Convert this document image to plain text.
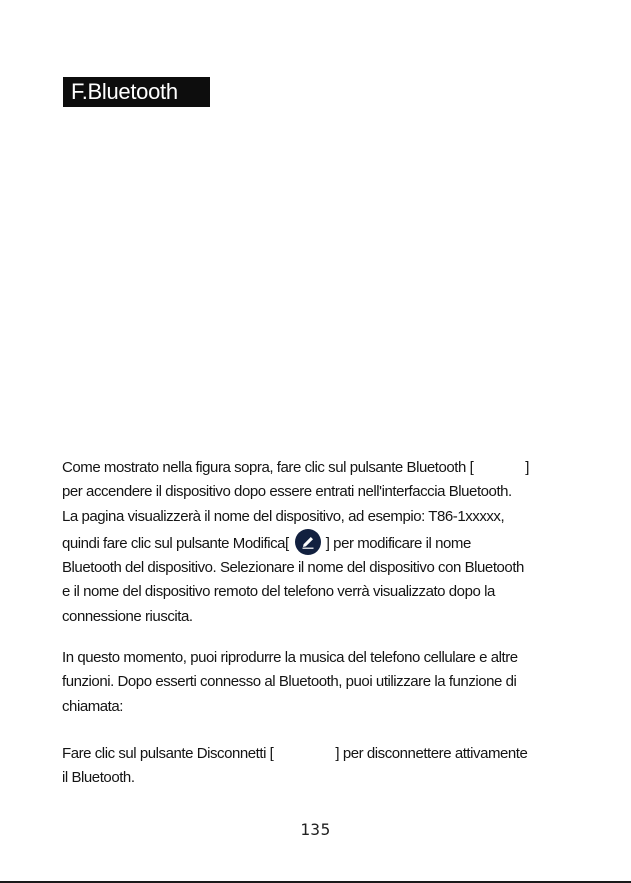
F.Bluetooth
Come mostrato nella figura sopra, fare clic sul pulsante Bluetooth [	]
per accendere il dispositivo dopo essere entrati nell'interfaccia Bluetooth.
La pagina visualizzerà il nome del dispositivo, ad esempio: T86-1xxxxx,
quindi fare clic sul pulsante Modifica[ ] per modificare il nome
Bluetooth del dispositivo. Selezionare il nome del dispositivo con Bluetooth
e il nome del dispositivo remoto del telefono verrà visualizzato dopo la
connessione riuscita.
In questo momento, puoi riprodurre la musica del telefono cellulare e altre
funzioni. Dopo esserti connesso al Bluetooth, puoi utilizzare la funzione di
chiamata:
Fare clic sul pulsante Disconnetti [	] per disconnettere attivamente
il Bluetooth.
135
